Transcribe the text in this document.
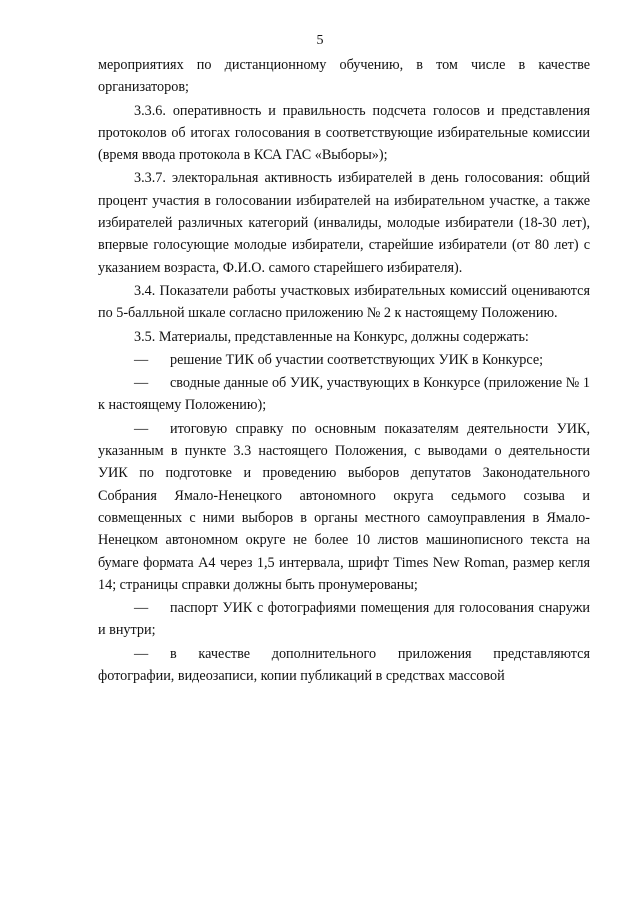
5

мероприятиях по дистанционному обучению, в том числе в качестве организаторов;

3.3.6. оперативность и правильность подсчета голосов и представления протоколов об итогах голосования в соответствующие избирательные комиссии (время ввода протокола в КСА ГАС «Выборы»);

3.3.7. электоральная активность избирателей в день голосования: общий процент участия в голосовании избирателей на избирательном участке, а также избирателей различных категорий (инвалиды, молодые избиратели (18-30 лет), впервые голосующие молодые избиратели, старейшие избиратели (от 80 лет) с указанием возраста, Ф.И.О. самого старейшего избирателя).

3.4. Показатели работы участковых избирательных комиссий оцениваются по 5-балльной шкале согласно приложению № 2 к настоящему Положению.

3.5. Материалы, представленные на Конкурс, должны содержать:

— решение ТИК об участии соответствующих УИК в Конкурсе;

— сводные данные об УИК, участвующих в Конкурсе (приложение № 1 к настоящему Положению);

— итоговую справку по основным показателям деятельности УИК, указанным в пункте 3.3 настоящего Положения, с выводами о деятельности УИК по подготовке и проведению выборов депутатов Законодательного Собрания Ямало-Ненецкого автономного округа седьмого созыва и совмещенных с ними выборов в органы местного самоуправления в Ямало-Ненецком автономном округе не более 10 листов машинописного текста на бумаге формата А4 через 1,5 интервала, шрифт Times New Roman, размер кегля 14; страницы справки должны быть пронумерованы;

— паспорт УИК с фотографиями помещения для голосования снаружи и внутри;

— в качестве дополнительного приложения представляются фотографии, видеозаписи, копии публикаций в средствах массовой
